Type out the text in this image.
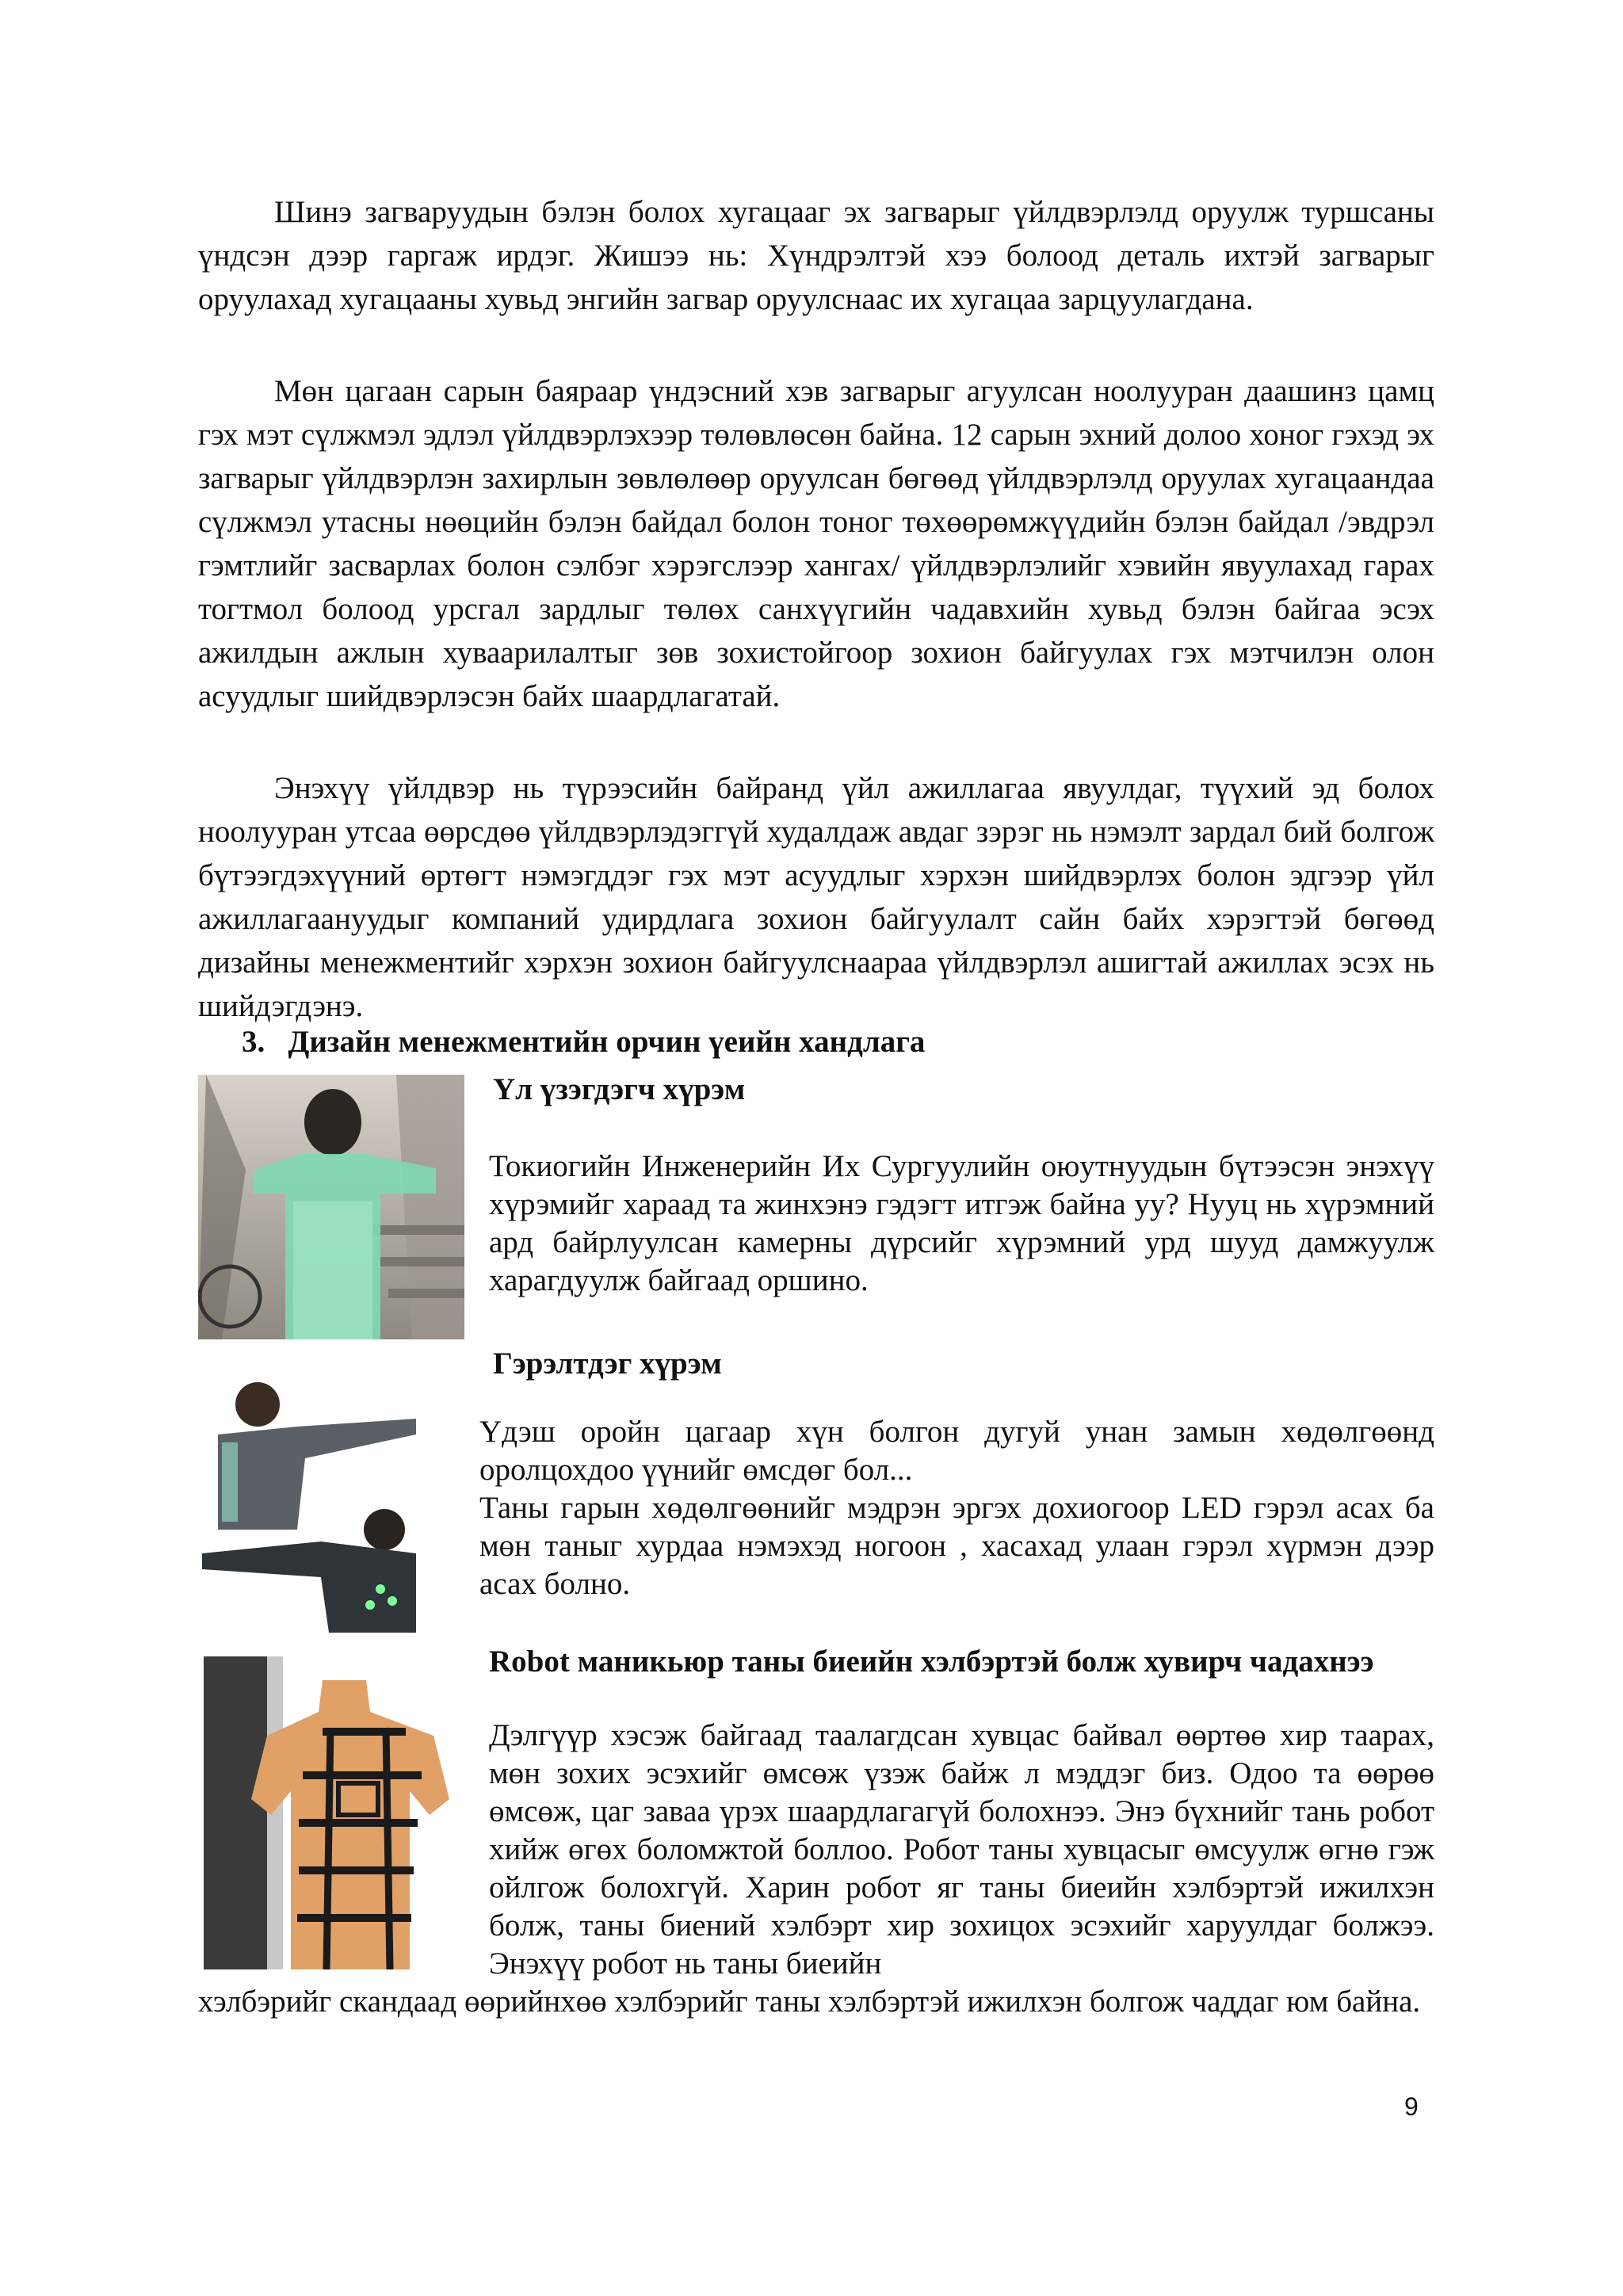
Шинэ загваруудын бэлэн болох хугацааг эх загварыг үйлдвэрлэлд оруулж туршсаны үндсэн дээр гаргаж ирдэг. Жишээ нь: Хүндрэлтэй хээ болоод деталь ихтэй загварыг оруулахад хугацааны хувьд энгийн загвар оруулснаас их хугацаа зарцуулагдана.

Мөн цагаан сарын баяраар үндэсний хэв загварыг агуулсан ноолууран даашинз цамц гэх мэт сүлжмэл эдлэл үйлдвэрлэхээр төлөвлөсөн байна. 12 сарын эхний долоо хоног гэхэд эх загварыг үйлдвэрлэн захирлын зөвлөлөөр оруулсан бөгөөд үйлдвэрлэлд оруулах хугацаандаа сүлжмэл утасны нөөцийн бэлэн байдал болон тоног төхөөрөмжүүдийн бэлэн байдал /эвдрэл гэмтлийг засварлах болон сэлбэг хэрэгслээр хангах/ үйлдвэрлэлийг хэвийн явуулахад гарах тогтмол болоод урсгал зардлыг төлөх санхүүгийн чадавхийн хувьд бэлэн байгаа эсэх ажилдын ажлын хуваарилалтыг зөв зохистойгоор зохион байгуулах гэх мэтчилэн олон асуудлыг шийдвэрлэсэн байх шаардлагатай.

Энэхүү үйлдвэр нь түрээсийн байранд үйл ажиллагаа явуулдаг, түүхий эд болох ноолууран утсаа өөрсдөө үйлдвэрлэдэггүй худалдаж авдаг зэрэг нь нэмэлт зардал бий болгож бүтээгдэхүүний өртөгт нэмэгддэг гэх мэт асуудлыг хэрхэн шийдвэрлэх болон эдгээр үйл ажиллагаануудыг компаний удирдлага зохион байгуулалт сайн байх хэрэгтэй бөгөөд дизайны менежментийг хэрхэн зохион байгуулснаараа үйлдвэрлэл ашигтай ажиллах эсэх нь шийдэгдэнэ.

3.   Дизайн менежментийн орчин үеийн хандлага

Үл үзэгдэгч хүрэм

Токиогийн Инженерийн Их Сургуулийн оюутнуудын бүтээсэн энэхүү хүрэмийг хараад та жинхэнэ гэдэгт итгэж байна уу? Нууц нь хүрэмний ард байрлуулсан камерны дүрсийг хүрэмний урд шууд дамжуулж харагдуулж байгаад оршино.

Гэрэлтдэг хүрэм

Үдэш оройн цагаар хүн болгон дугуй унан замын хөдөлгөөнд оролцохдоо үүнийг өмсдөг бол...

Таны гарын хөдөлгөөнийг мэдрэн эргэх дохиогоор LED гэрэл асах ба мөн таныг хурдаа нэмэхэд ногоон , хасахад улаан гэрэл хүрмэн дээр асах болно.

Robot маникьюр таны биеийн хэлбэртэй болж хувирч чадахнээ

Дэлгүүр хэсэж байгаад таалагдсан хувцас байвал өөртөө хир таарах, мөн зохих эсэхийг өмсөж үзэж байж л мэддэг биз. Одоо та өөрөө өмсөж, цаг заваа үрэх шаардлагагүй болохнээ. Энэ бүхнийг тань робот хийж өгөх боломжтой боллоо. Робот таны хувцасыг өмсуулж өгнө гэж ойлгож болохгүй. Харин робот яг таны биеийн хэлбэртэй ижилхэн болж, таны биений хэлбэрт хир зохицох эсэхийг харуулдаг болжээ. Энэхүү робот нь таны биеийн

хэлбэрийг скандаад өөрийнхөө хэлбэрийг таны хэлбэртэй ижилхэн болгож чаддаг юм байна.

9
